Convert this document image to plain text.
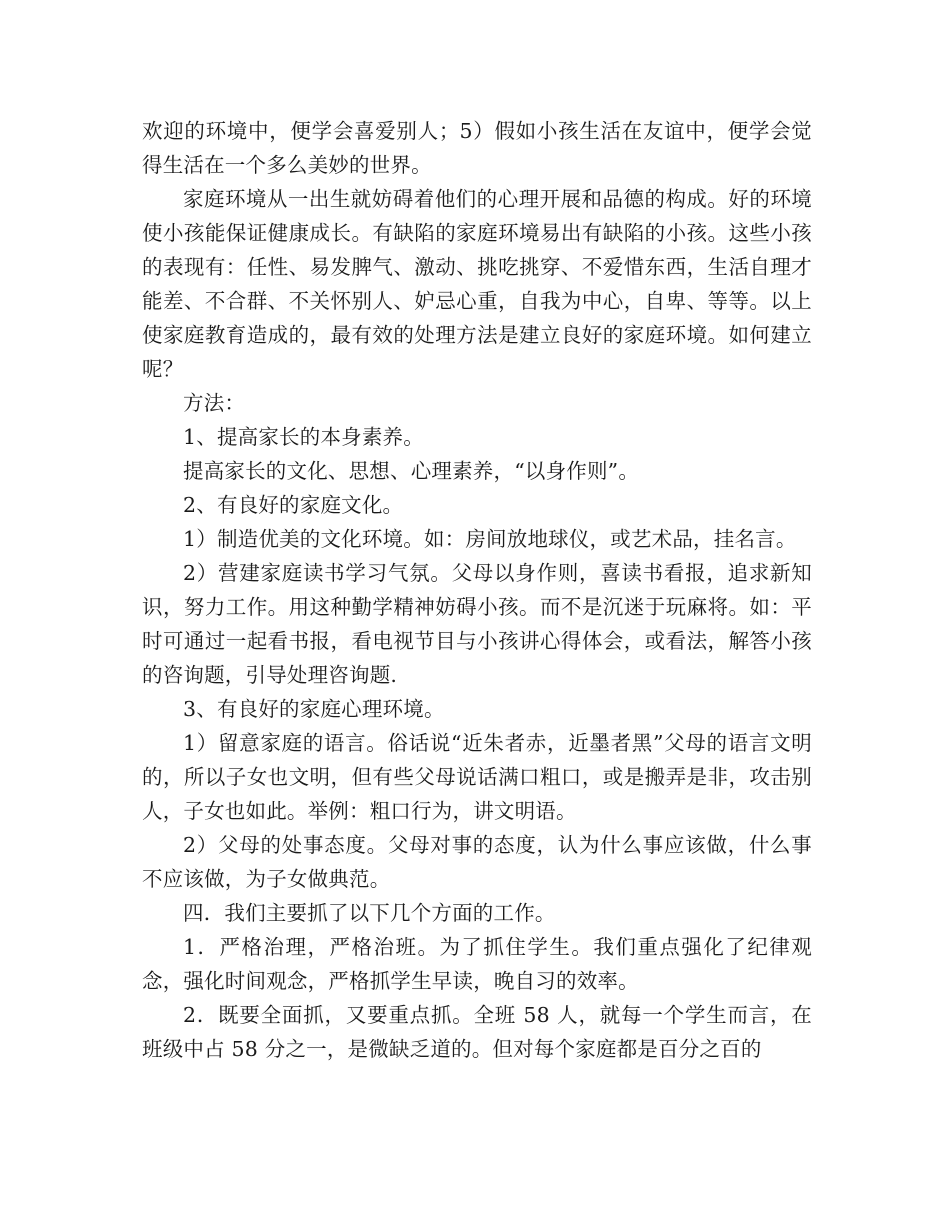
欢迎的环境中，便学会喜爱别人；5）假如小孩生活在友谊中，便学会觉得生活在一个多么美妙的世界。

家庭环境从一出生就妨碍着他们的心理开展和品德的构成。好的环境使小孩能保证健康成长。有缺陷的家庭环境易出有缺陷的小孩。这些小孩的表现有：任性、易发脾气、激动、挑吃挑穿、不爱惜东西，生活自理才能差、不合群、不关怀别人、妒忌心重，自我为中心，自卑、等等。以上使家庭教育造成的，最有效的处理方法是建立良好的家庭环境。如何建立呢？

方法：

1、提高家长的本身素养。

提高家长的文化、思想、心理素养，“以身作则”。

2、有良好的家庭文化。

1）制造优美的文化环境。如：房间放地球仪，或艺术品，挂名言。

2）营建家庭读书学习气氛。父母以身作则，喜读书看报，追求新知识，努力工作。用这种勤学精神妨碍小孩。而不是沉迷于玩麻将。如：平时可通过一起看书报，看电视节目与小孩讲心得体会，或看法，解答小孩的咨询题，引导处理咨询题.

3、有良好的家庭心理环境。

1）留意家庭的语言。俗话说“近朱者赤，近墨者黑”父母的语言文明的，所以子女也文明，但有些父母说话满口粗口，或是搬弄是非，攻击别人，子女也如此。举例：粗口行为，讲文明语。

2）父母的处事态度。父母对事的态度，认为什么事应该做，什么事不应该做，为子女做典范。

四．我们主要抓了以下几个方面的工作。

1．严格治理，严格治班。为了抓住学生。我们重点强化了纪律观念，强化时间观念，严格抓学生早读，晚自习的效率。

2．既要全面抓，又要重点抓。全班 58 人，就每一个学生而言，在班级中占 58 分之一，是微缺乏道的。但对每个家庭都是百分之百的
